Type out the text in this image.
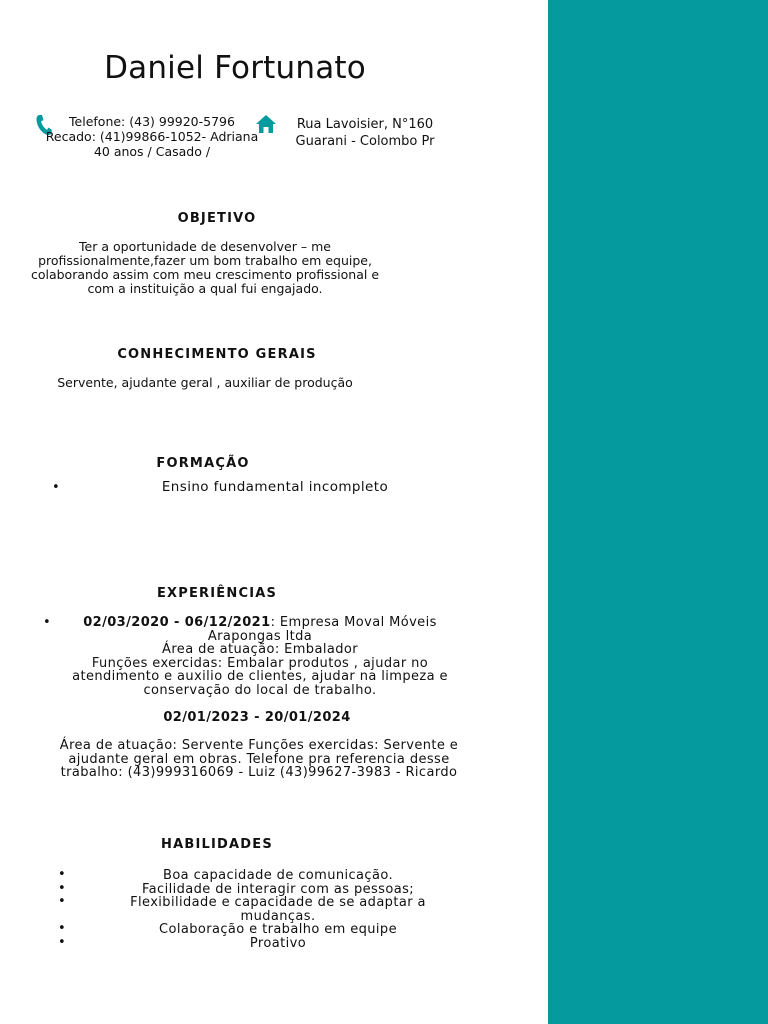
Daniel Fortunato
Telefone: (43) 99920-5796
Recado: (41)99866-1052- Adriana
40 anos / Casado /
Rua Lavoisier, N°160
Guarani - Colombo Pr
OBJETIVO
Ter a oportunidade de desenvolver – me
profissionalmente,fazer um bom trabalho em equipe,
colaborando assim com meu crescimento profissional e
com a instituição a qual fui engajado.
CONHECIMENTO GERAIS
Servente, ajudante geral , auxiliar de produção
FORMAÇÃO
•	Ensino fundamental incompleto
EXPERIÊNCIAS
•	02/03/2020 - 06/12/2021: Empresa Moval Móveis
Arapongas ltda
Área de atuação: Embalador
Funções exercidas: Embalar produtos , ajudar no
atendimento e auxilio de clientes, ajudar na limpeza e
conservação do local de trabalho.
02/01/2023 - 20/01/2024
Área de atuação: Servente Funções exercidas: Servente e
ajudante geral em obras. Telefone pra referencia desse
trabalho: (43)999316069 - Luiz (43)99627-3983 - Ricardo
HABILIDADES
•
•
•

•
•
Boa capacidade de comunicação.
Facilidade de interagir com as pessoas;
Flexibilidade e capacidade de se adaptar a
mudanças.
Colaboração e trabalho em equipe
Proativo
